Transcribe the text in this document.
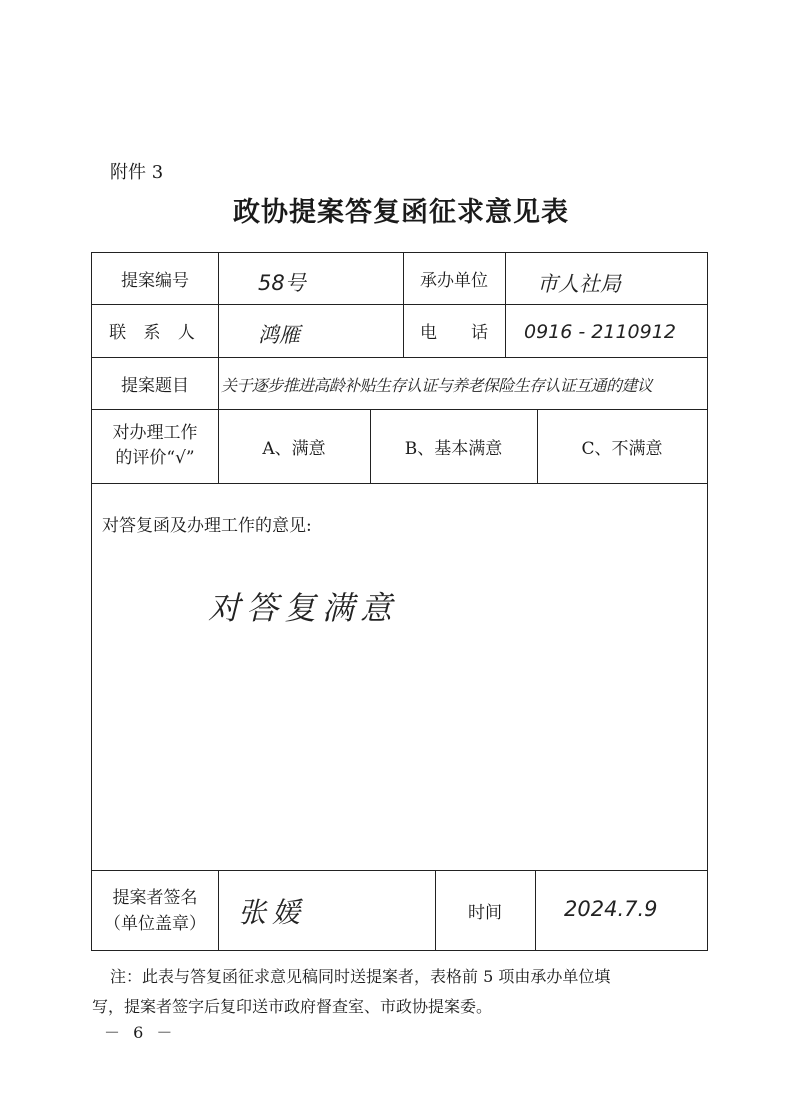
附件 3
政协提案答复函征求意见表
提案编号	58号	承办单位	市人社局
联 系 人	鸿雁	电　　话	0916 - 2110912
提案题目	关于逐步推进高龄补贴生存认证与养老保险生存认证互通的建议
对办理工作
的评价“√”	A、满意	B、基本满意	C、不满意
对答复函及办理工作的意见:
对答复满意
提案者签名
（单位盖章） 张媛	时间	2024.7.9
注：此表与答复函征求意见稿同时送提案者，表格前 5 项由承办单位填
写，提案者签字后复印送市政府督查室、市政协提案委。
－ 6 －
